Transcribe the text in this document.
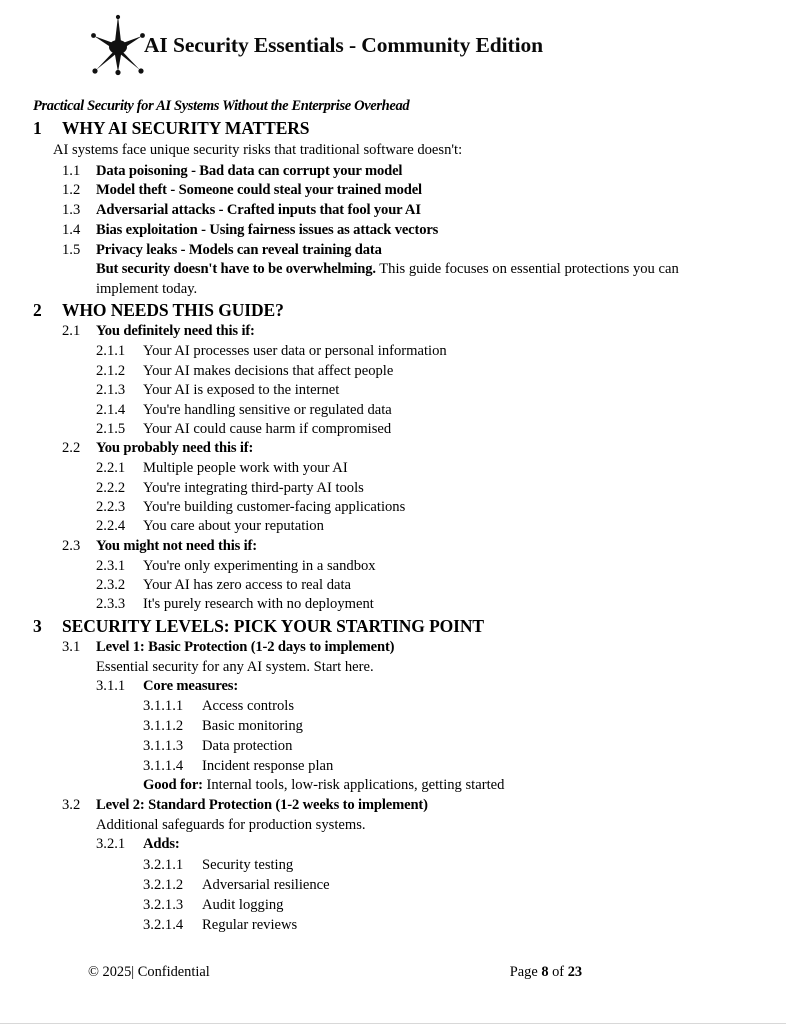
AI Security Essentials - Community Edition
Practical Security for AI Systems Without the Enterprise Overhead
1	WHY AI SECURITY MATTERS
AI systems face unique security risks that traditional software doesn't:
1.1	Data poisoning - Bad data can corrupt your model
1.2	Model theft - Someone could steal your trained model
1.3	Adversarial attacks - Crafted inputs that fool your AI
1.4	Bias exploitation - Using fairness issues as attack vectors
1.5	Privacy leaks - Models can reveal training data
But security doesn't have to be overwhelming. This guide focuses on essential protections you can implement today.
2	WHO NEEDS THIS GUIDE?
2.1	You definitely need this if:
2.1.1	Your AI processes user data or personal information
2.1.2	Your AI makes decisions that affect people
2.1.3	Your AI is exposed to the internet
2.1.4	You're handling sensitive or regulated data
2.1.5	Your AI could cause harm if compromised
2.2	You probably need this if:
2.2.1	Multiple people work with your AI
2.2.2	You're integrating third-party AI tools
2.2.3	You're building customer-facing applications
2.2.4	You care about your reputation
2.3	You might not need this if:
2.3.1	You're only experimenting in a sandbox
2.3.2	Your AI has zero access to real data
2.3.3	It's purely research with no deployment
3	SECURITY LEVELS: PICK YOUR STARTING POINT
3.1	Level 1: Basic Protection (1-2 days to implement)
Essential security for any AI system. Start here.
3.1.1	Core measures:
3.1.1.1	Access controls
3.1.1.2	Basic monitoring
3.1.1.3	Data protection
3.1.1.4	Incident response plan
Good for: Internal tools, low-risk applications, getting started
3.2	Level 2: Standard Protection (1-2 weeks to implement)
Additional safeguards for production systems.
3.2.1	Adds:
3.2.1.1	Security testing
3.2.1.2	Adversarial resilience
3.2.1.3	Audit logging
3.2.1.4	Regular reviews
© 2025| Confidential	Page 8 of 23
